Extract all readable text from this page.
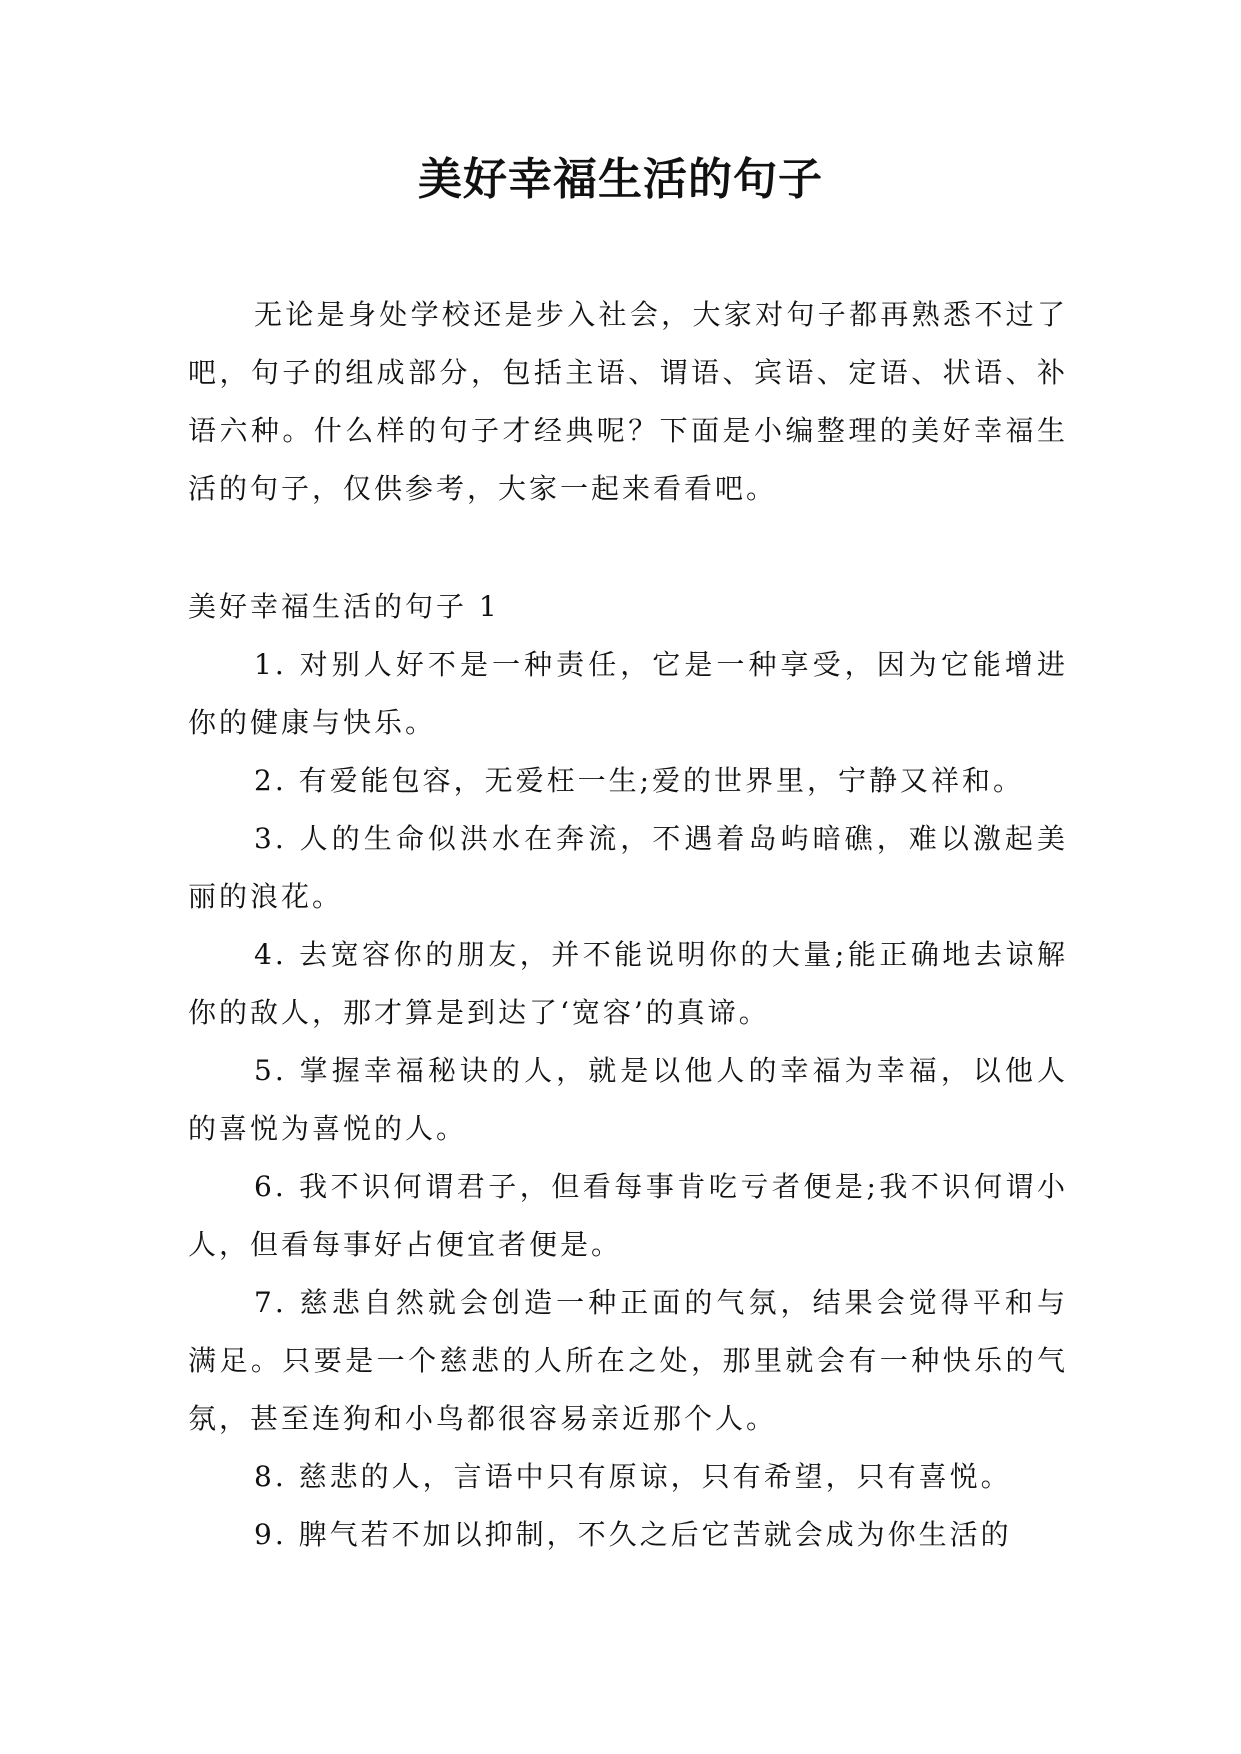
美好幸福生活的句子

无论是身处学校还是步入社会，大家对句子都再熟悉不过了吧，句子的组成部分，包括主语、谓语、宾语、定语、状语、补语六种。什么样的句子才经典呢？下面是小编整理的美好幸福生活的句子，仅供参考，大家一起来看看吧。

美好幸福生活的句子 1

1. 对别人好不是一种责任，它是一种享受，因为它能增进你的健康与快乐。
2. 有爱能包容，无爱枉一生;爱的世界里，宁静又祥和。
3. 人的生命似洪水在奔流，不遇着岛屿暗礁，难以激起美丽的浪花。
4. 去宽容你的朋友，并不能说明你的大量;能正确地去谅解你的敌人，那才算是到达了‘宽容’的真谛。
5. 掌握幸福秘诀的人，就是以他人的幸福为幸福，以他人的喜悦为喜悦的人。
6. 我不识何谓君子，但看每事肯吃亏者便是;我不识何谓小人，但看每事好占便宜者便是。
7. 慈悲自然就会创造一种正面的气氛，结果会觉得平和与满足。只要是一个慈悲的人所在之处，那里就会有一种快乐的气氛，甚至连狗和小鸟都很容易亲近那个人。
8. 慈悲的人，言语中只有原谅，只有希望，只有喜悦。
9. 脾气若不加以抑制，不久之后它苦就会成为你生活的
